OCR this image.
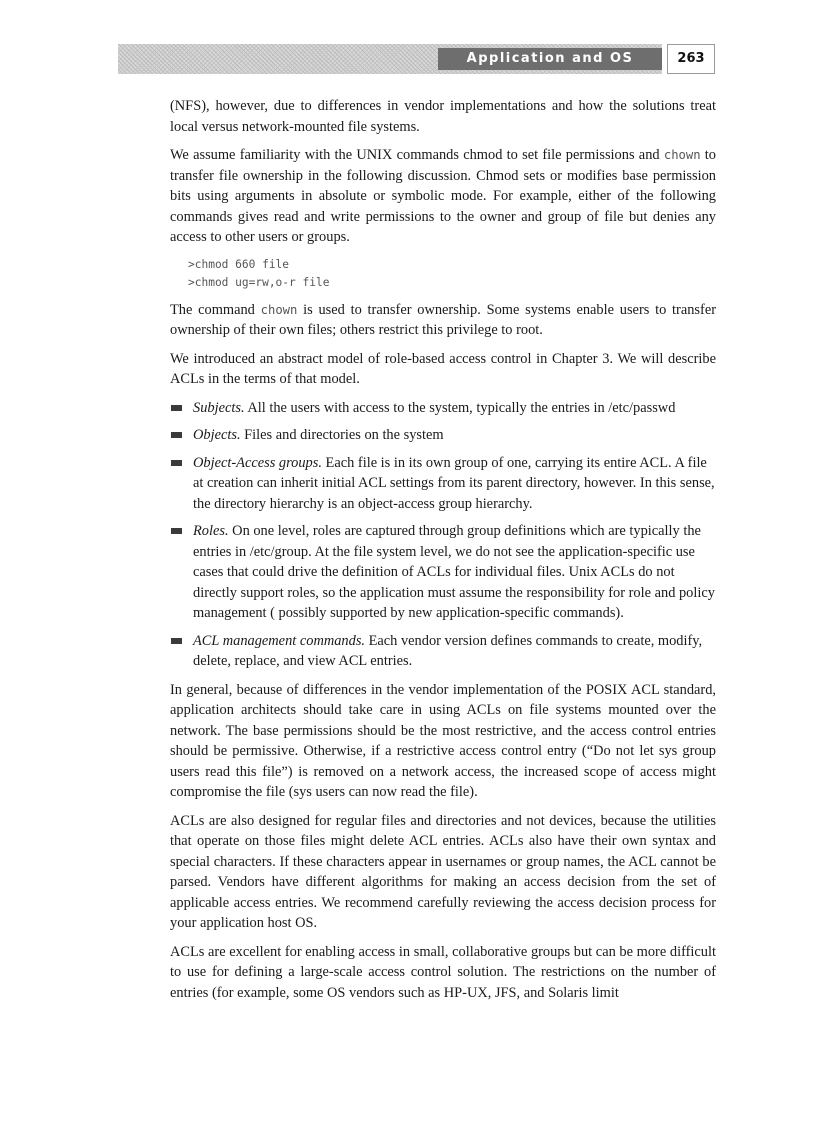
Application and OS Security
263

(NFS), however, due to differences in vendor implementations and how the solutions treat local versus network-mounted file systems.

We assume familiarity with the UNIX commands chmod to set file permissions and chown to transfer file ownership in the following discussion. Chmod sets or modifies base permission bits using arguments in absolute or symbolic mode. For example, either of the following commands gives read and write permissions to the owner and group of file but denies any access to other users or groups.

>chmod 660 file
>chmod ug=rw,o-r file

The command chown is used to transfer ownership. Some systems enable users to transfer ownership of their own files; others restrict this privilege to root.

We introduced an abstract model of role-based access control in Chapter 3. We will describe ACLs in the terms of that model.

Subjects. All the users with access to the system, typically the entries in /etc/passwd
Objects. Files and directories on the system
Object-Access groups. Each file is in its own group of one, carrying its entire ACL. A file at creation can inherit initial ACL settings from its parent directory, however. In this sense, the directory hierarchy is an object-access group hierarchy.
Roles. On one level, roles are captured through group definitions which are typically the entries in /etc/group. At the file system level, we do not see the application-specific use cases that could drive the definition of ACLs for individual files. Unix ACLs do not directly support roles, so the application must assume the responsibility for role and policy management ( possibly supported by new application-specific commands).
ACL management commands. Each vendor version defines commands to create, modify, delete, replace, and view ACL entries.

In general, because of differences in the vendor implementation of the POSIX ACL standard, application architects should take care in using ACLs on file systems mounted over the network. The base permissions should be the most restrictive, and the access control entries should be permissive. Otherwise, if a restrictive access control entry (“Do not let sys group users read this file”) is removed on a network access, the increased scope of access might compromise the file (sys users can now read the file).

ACLs are also designed for regular files and directories and not devices, because the utilities that operate on those files might delete ACL entries. ACLs also have their own syntax and special characters. If these characters appear in usernames or group names, the ACL cannot be parsed. Vendors have different algorithms for making an access decision from the set of applicable access entries. We recommend carefully reviewing the access decision process for your application host OS.

ACLs are excellent for enabling access in small, collaborative groups but can be more difficult to use for defining a large-scale access control solution. The restrictions on the number of entries (for example, some OS vendors such as HP-UX, JFS, and Solaris limit
